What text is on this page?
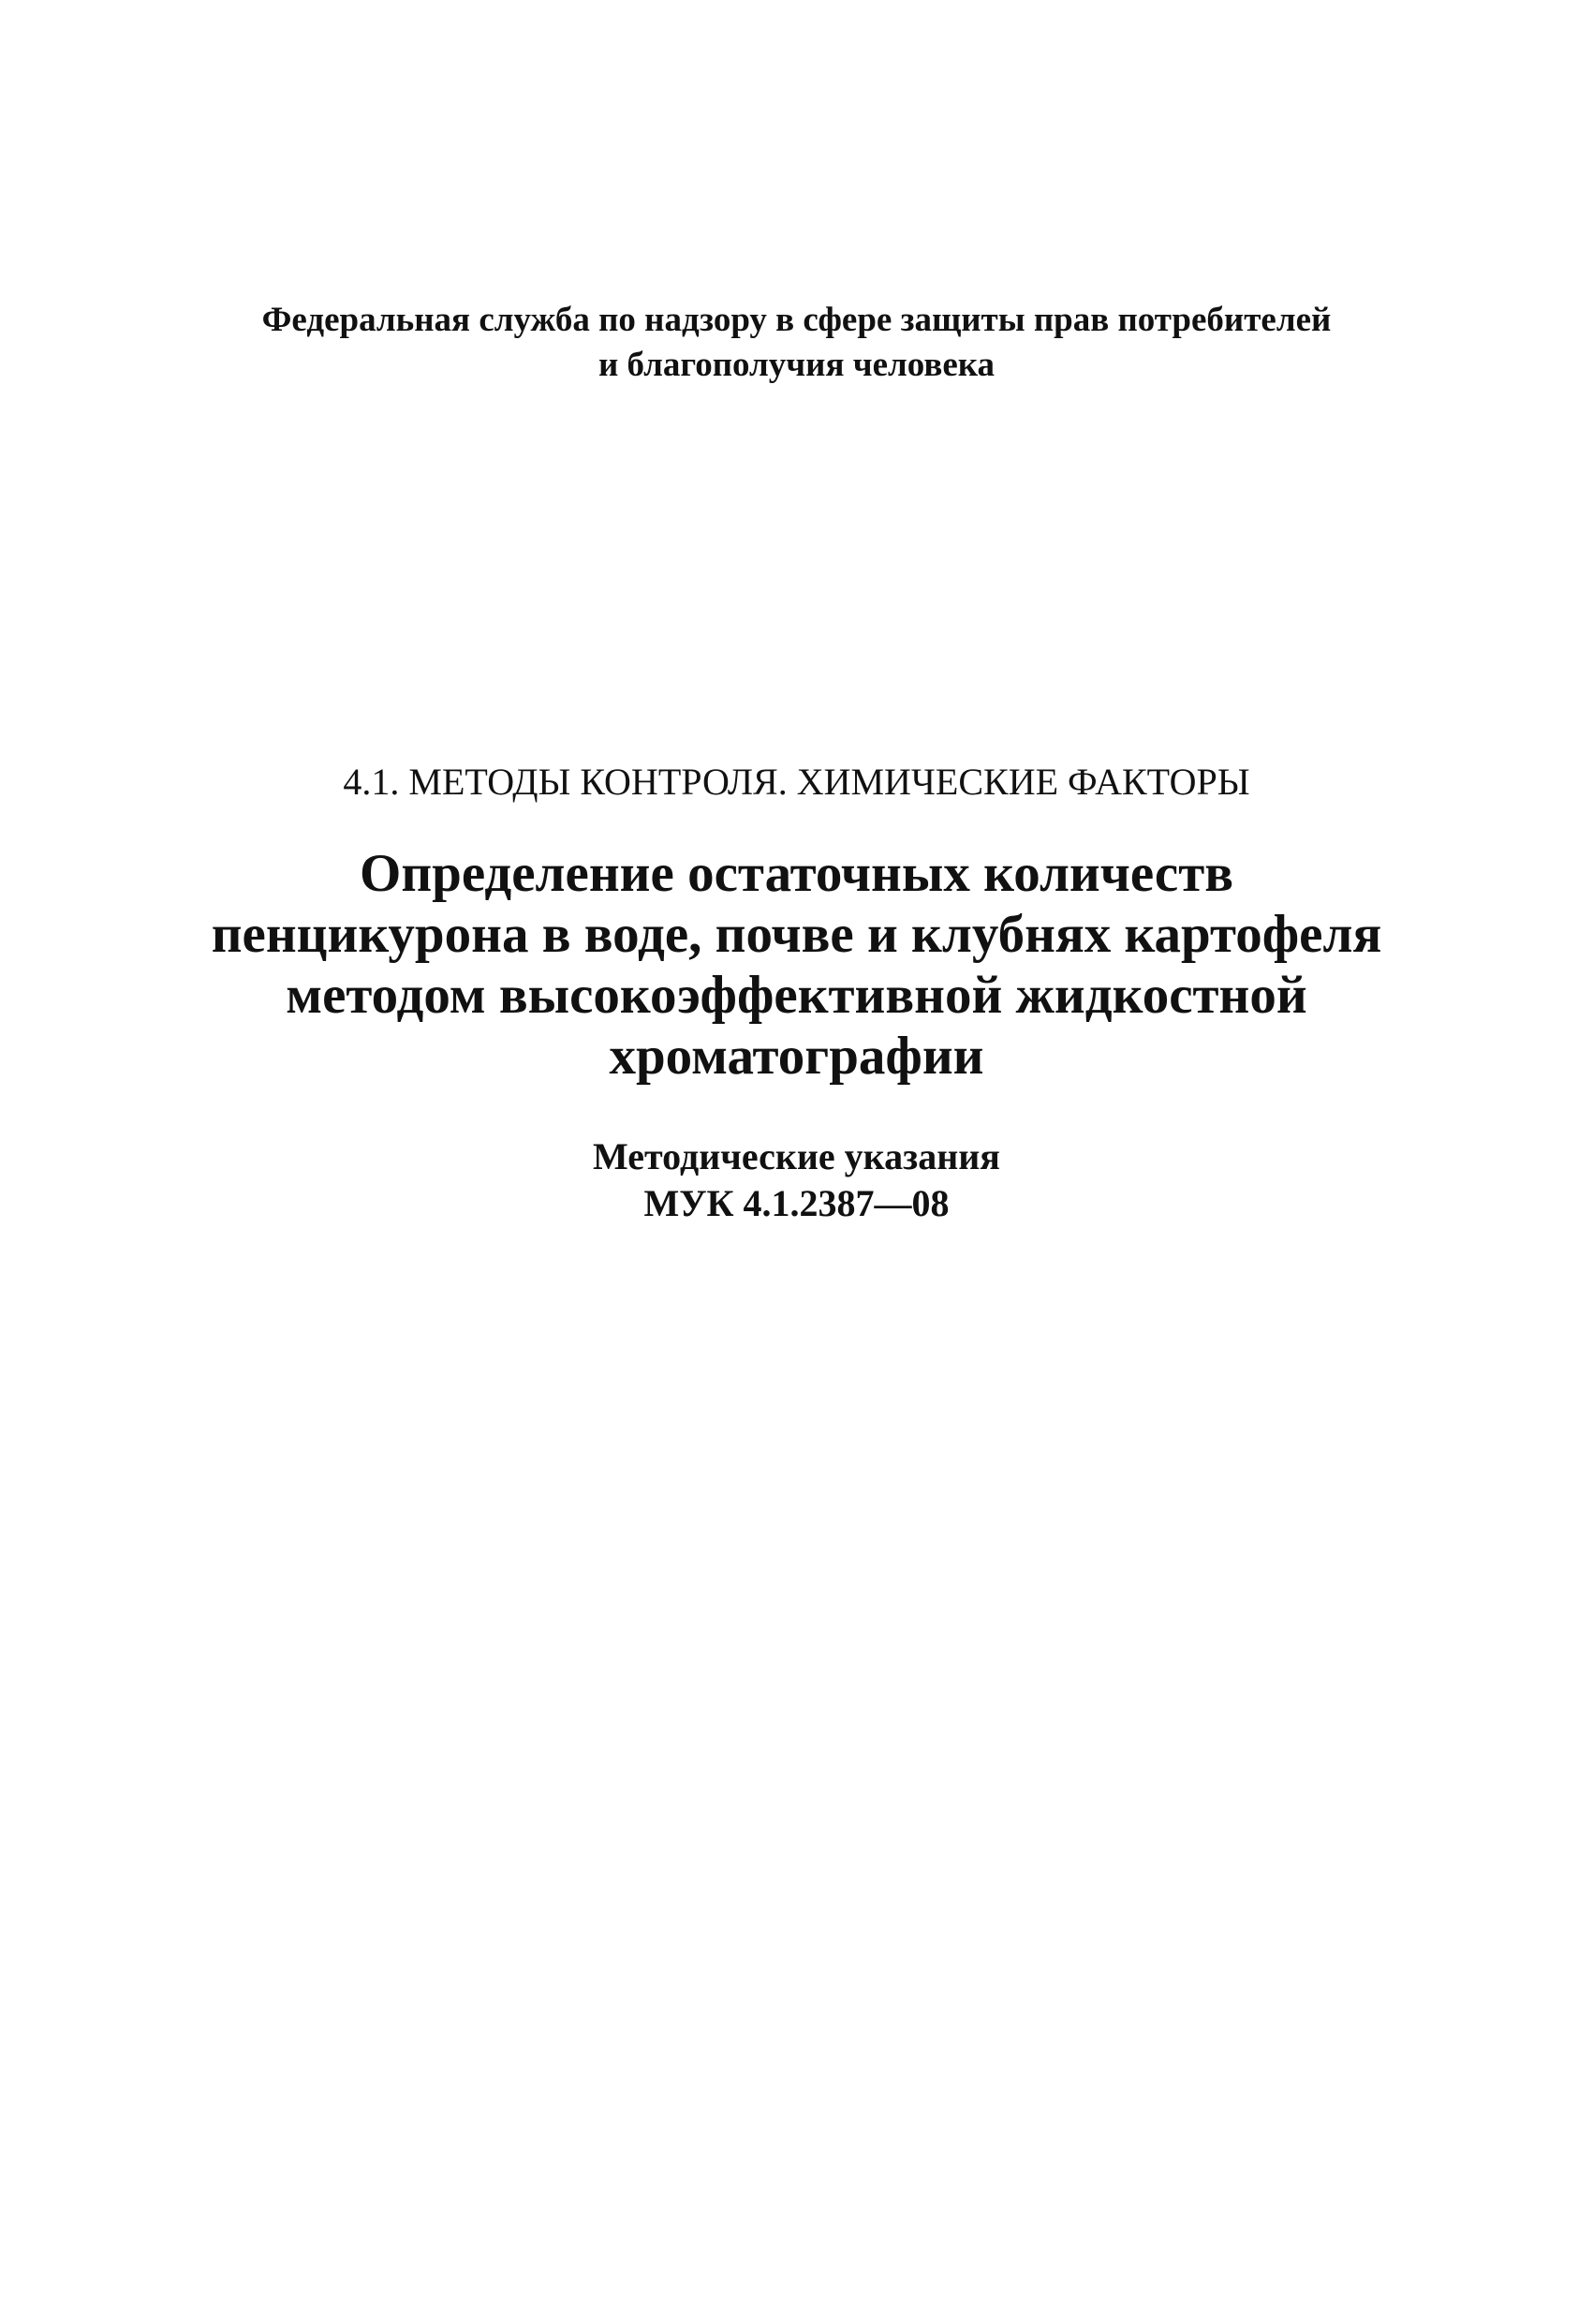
Федеральная служба по надзору в сфере защиты прав потребителей
и благополучия человека
4.1. МЕТОДЫ КОНТРОЛЯ. ХИМИЧЕСКИЕ ФАКТОРЫ
Определение остаточных количеств
пенцикурона в воде, почве и клубнях картофеля
методом высокоэффективной жидкостной
хроматографии
Методические указания
МУК 4.1.2387—08
